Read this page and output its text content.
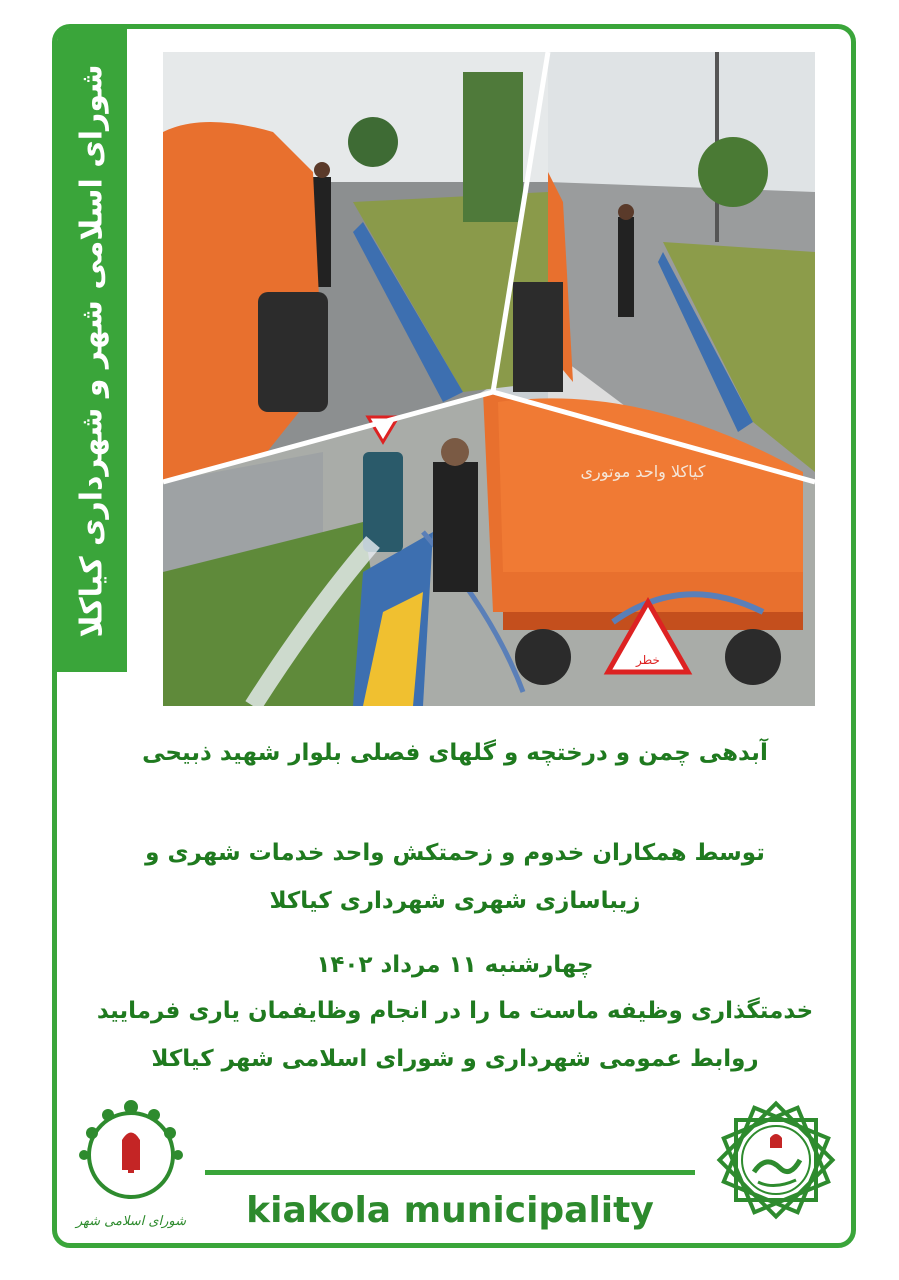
شورای اسلامی شهر و شهرداری کیاکلا	کیاکلا واحد موتوری
خطر
آبدهی چمن و درختچه و گلهای فصلی بلوار شهید ذبیحی
توسط همکاران خدوم و زحمتکش واحد خدمات شهری و
زیباسازی شهری شهرداری کیاکلا
چهارشنبه ۱۱ مرداد ۱۴۰۲
خدمتگذاری وظیفه ماست ما را در انجام وظایفمان یاری فرمایید
روابط عمومی شهرداری و شورای اسلامی شهر کیاکلا
شورای اسلامی شهر	kiakola municipality
